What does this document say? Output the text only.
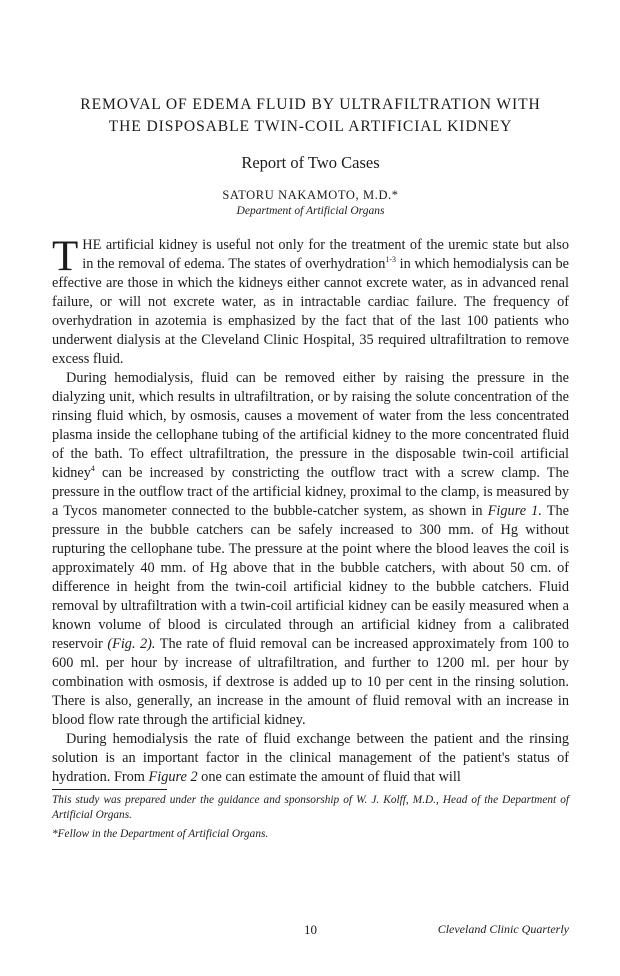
REMOVAL OF EDEMA FLUID BY ULTRAFILTRATION WITH
THE DISPOSABLE TWIN-COIL ARTIFICIAL KIDNEY
Report of Two Cases
SATORU NAKAMOTO, M.D.*
Department of Artificial Organs

THE artificial kidney is useful not only for the treatment of the uremic state but also in the removal of edema. The states of overhydration$^{1-3}$ in which hemodialysis can be effective are those in which the kidneys either cannot excrete water, as in advanced renal failure, or will not excrete water, as in intractable cardiac failure. The frequency of overhydration in azotemia is emphasized by the fact that of the last 100 patients who underwent dialysis at the Cleveland Clinic Hospital, 35 required ultrafiltration to remove excess fluid.

During hemodialysis, fluid can be removed either by raising the pressure in the dialyzing unit, which results in ultrafiltration, or by raising the solute concentration of the rinsing fluid which, by osmosis, causes a movement of water from the less concentrated plasma inside the cellophane tubing of the artificial kidney to the more concentrated fluid of the bath. To effect ultrafiltration, the pressure in the disposable twin-coil artificial kidney$^4$ can be increased by constricting the outflow tract with a screw clamp. The pressure in the outflow tract of the artificial kidney, proximal to the clamp, is measured by a Tycos manometer connected to the bubble-catcher system, as shown in Figure 1. The pressure in the bubble catchers can be safely increased to 300 mm. of Hg without rupturing the cellophane tube. The pressure at the point where the blood leaves the coil is approximately 40 mm. of Hg above that in the bubble catchers, with about 50 cm. of difference in height from the twin-coil artificial kidney to the bubble catchers. Fluid removal by ultrafiltration with a twin-coil artificial kidney can be easily measured when a known volume of blood is circulated through an artificial kidney from a calibrated reservoir (Fig. 2). The rate of fluid removal can be increased approximately from 100 to 600 ml. per hour by increase of ultrafiltration, and further to 1200 ml. per hour by combination with osmosis, if dextrose is added up to 10 per cent in the rinsing solution. There is also, generally, an increase in the amount of fluid removal with an increase in blood flow rate through the artificial kidney.

During hemodialysis the rate of fluid exchange between the patient and the rinsing solution is an important factor in the clinical management of the patient's status of hydration. From Figure 2 one can estimate the amount of fluid that will

This study was prepared under the guidance and sponsorship of W. J. Kolff, M.D., Head of the Department of Artificial Organs.
*Fellow in the Department of Artificial Organs.
10	Cleveland Clinic Quarterly
